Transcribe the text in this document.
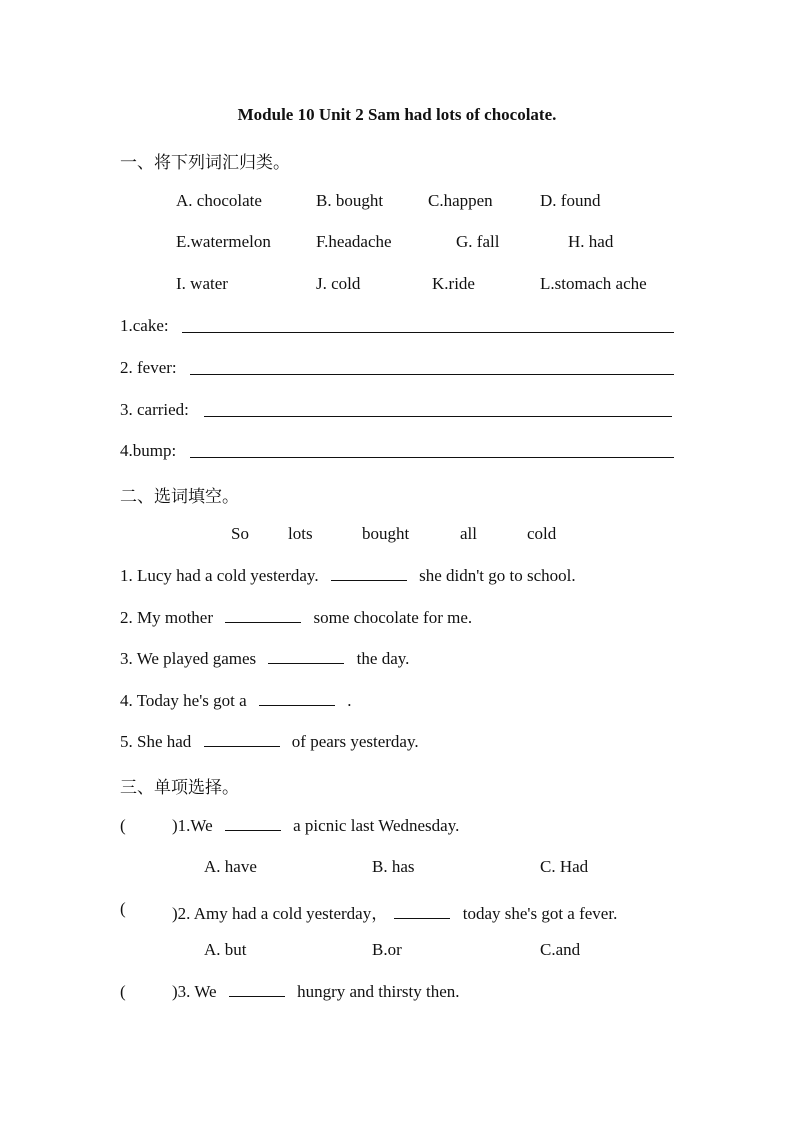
Module 10 Unit 2 Sam had lots of chocolate.
一、将下列词汇归类。
A. chocolate	B. bought	C.happen	D. found
E.watermelon	F.headache	G. fall	H. had
I. water	J. cold	K.ride	L.stomach ache
1.cake:
2. fever:
3. carried:
4.bump:
二、选词填空。
So lots	bought	all	cold
1. Lucy had a cold yesterday.	she didn't go to school.
2. My mother	some chocolate for me.
3. We played games	the day.
4. Today he's got a	.
5. She had	of pears yesterday.
三、单项选择。
(	)1.We	a picnic last Wednesday.
A. have	B. has	C. Had
(	)2. Amy had a cold yesterday，	today she's got a fever.
A. but	B.or	C.and
(	)3. We	hungry and thirsty then.
